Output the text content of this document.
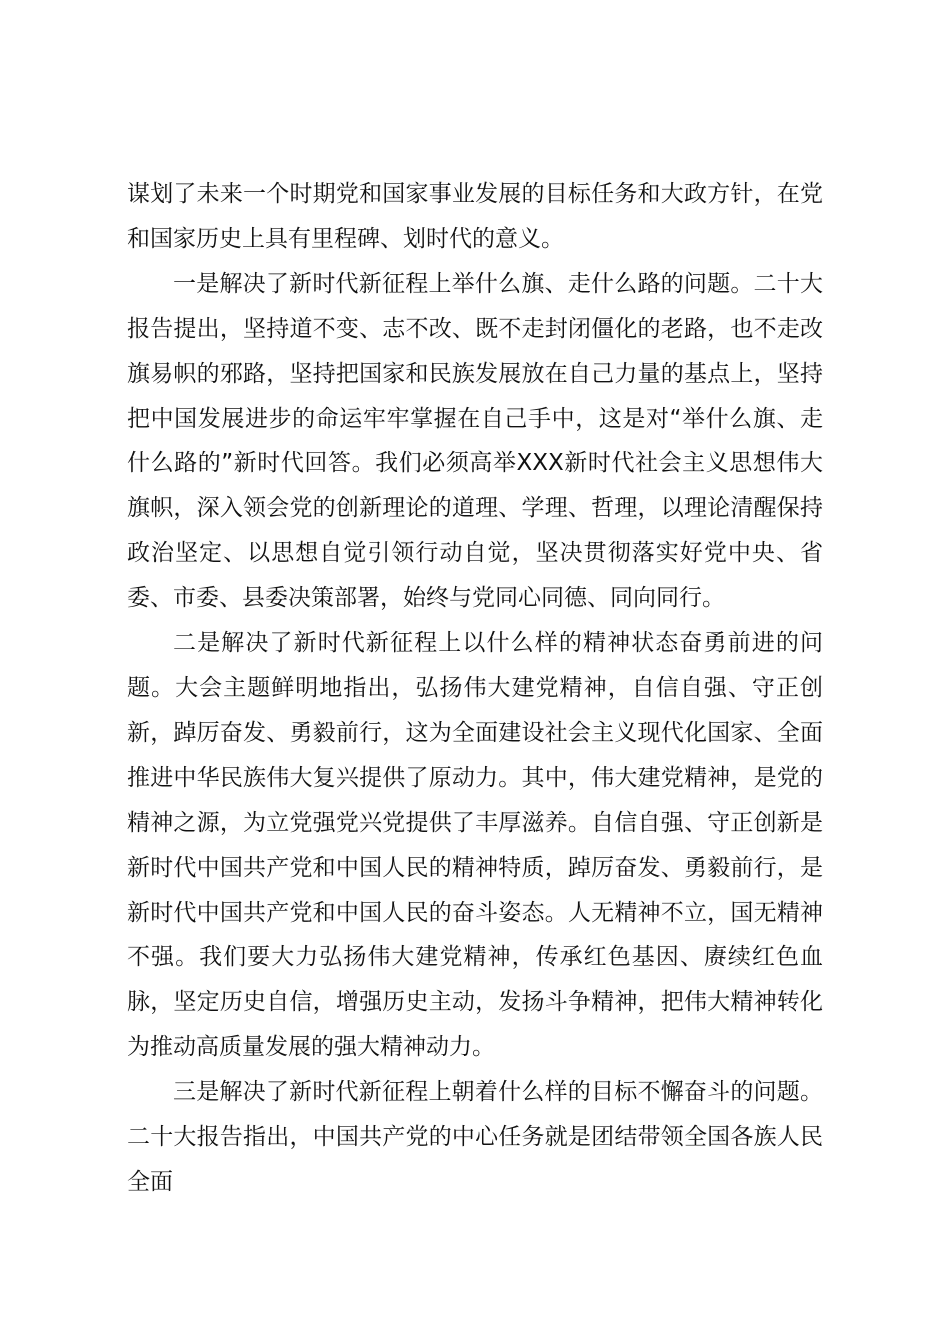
谋划了未来一个时期党和国家事业发展的目标任务和大政方针，在党和国家历史上具有里程碑、划时代的意义。

一是解决了新时代新征程上举什么旗、走什么路的问题。二十大报告提出，坚持道不变、志不改、既不走封闭僵化的老路，也不走改旗易帜的邪路，坚持把国家和民族发展放在自己力量的基点上，坚持把中国发展进步的命运牢牢掌握在自己手中，这是对“举什么旗、走什么路的”新时代回答。我们必须高举XXX新时代社会主义思想伟大旗帜，深入领会党的创新理论的道理、学理、哲理，以理论清醒保持政治坚定、以思想自觉引领行动自觉，坚决贯彻落实好党中央、省委、市委、县委决策部署，始终与党同心同德、同向同行。

二是解决了新时代新征程上以什么样的精神状态奋勇前进的问题。大会主题鲜明地指出，弘扬伟大建党精神，自信自强、守正创新，踔厉奋发、勇毅前行，这为全面建设社会主义现代化国家、全面推进中华民族伟大复兴提供了原动力。其中，伟大建党精神，是党的精神之源，为立党强党兴党提供了丰厚滋养。自信自强、守正创新是新时代中国共产党和中国人民的精神特质，踔厉奋发、勇毅前行，是新时代中国共产党和中国人民的奋斗姿态。人无精神不立，国无精神不强。我们要大力弘扬伟大建党精神，传承红色基因、赓续红色血脉，坚定历史自信，增强历史主动，发扬斗争精神，把伟大精神转化为推动高质量发展的强大精神动力。

三是解决了新时代新征程上朝着什么样的目标不懈奋斗的问题。二十大报告指出，中国共产党的中心任务就是团结带领全国各族人民全面
